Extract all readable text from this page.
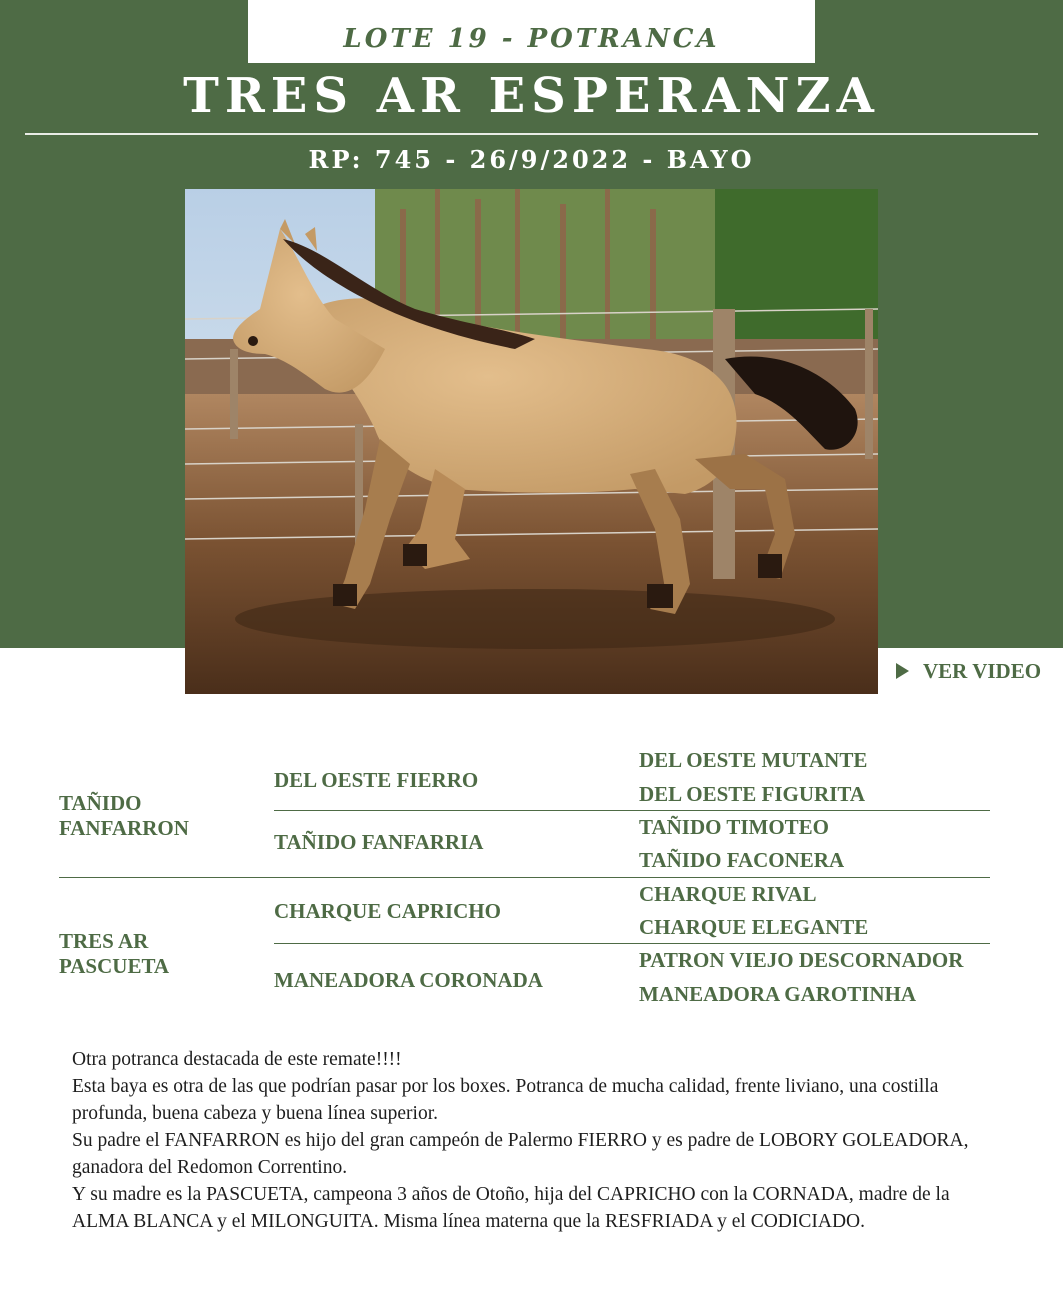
LOTE 19 - POTRANCA
TRES AR ESPERANZA
RP: 745 - 26/9/2022 - BAYO
VER VIDEO
TAÑIDO
FANFARRON
TRES AR
PASCUETA
DEL OESTE FIERRO
TAÑIDO FANFARRIA
CHARQUE CAPRICHO
MANEADORA CORONADA
DEL OESTE MUTANTE
DEL OESTE FIGURITA
TAÑIDO TIMOTEO
TAÑIDO FACONERA
CHARQUE RIVAL
CHARQUE ELEGANTE
PATRON VIEJO DESCORNADOR
MANEADORA GAROTINHA

Otra potranca destacada de este remate!!!!

Esta baya es otra de las que podrían pasar por los boxes. Potranca de mucha calidad, frente liviano, una costilla profunda, buena cabeza y buena línea superior.

Su padre el FANFARRON es hijo del gran campeón de Palermo FIERRO y es padre de LOBORY GOLEADORA, ganadora del Redomon Correntino.

Y su madre es la PASCUETA, campeona 3 años de Otoño, hija del CAPRICHO con la CORNADA, madre de la ALMA BLANCA y el MILONGUITA. Misma línea materna que la RESFRIADA y el CODICIADO.
